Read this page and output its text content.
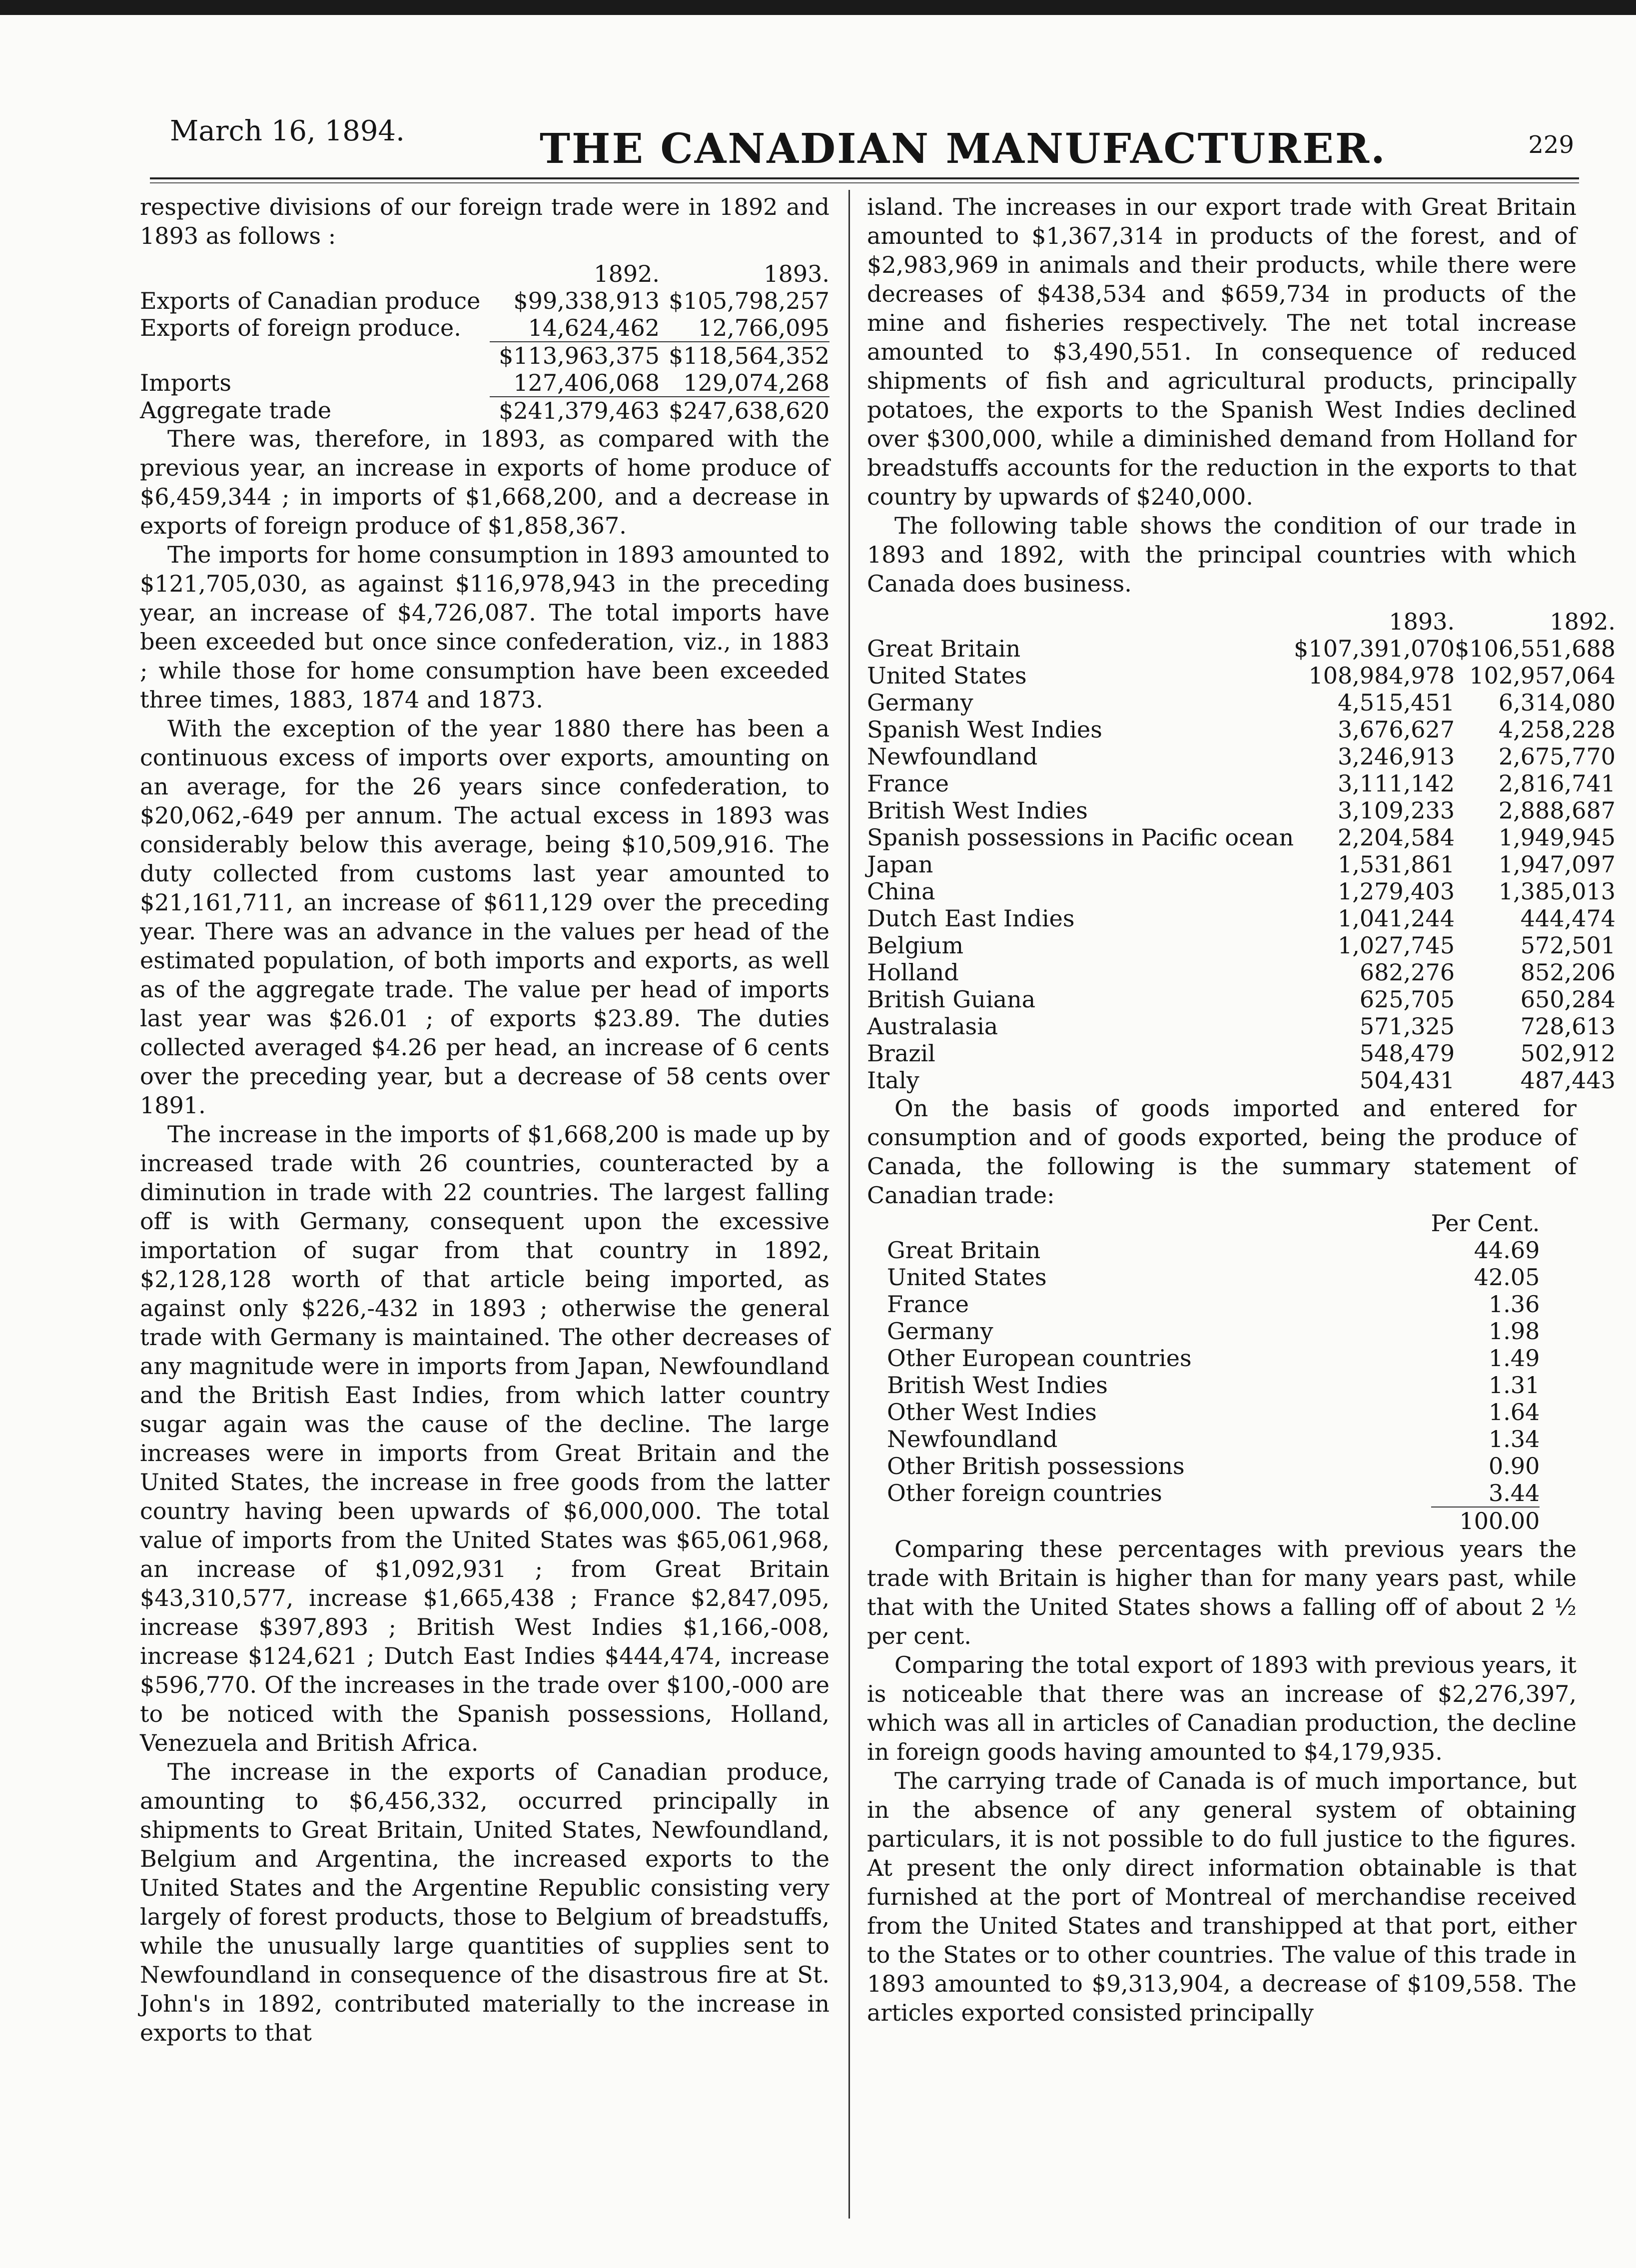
March 16, 1894.	THE CANADIAN MANUFACTURER.	229

respective divisions of our foreign trade were in 1892 and 1893 as follows :

	1892.	1893.
Exports of Canadian produce	$99,338,913	$105,798,257
Exports of foreign produce.	14,624,462	12,766,095
	$113,963,375	$118,564,352
Imports	127,406,068	129,074,268
Aggregate trade	$241,379,463	$247,638,620

There was, therefore, in 1893, as compared with the previous year, an increase in exports of home produce of $6,459,344 ; in imports of $1,668,200, and a decrease in exports of foreign produce of $1,858,367.

The imports for home consumption in 1893 amounted to $121,705,030, as against $116,978,943 in the preceding year, an increase of $4,726,087. The total imports have been exceeded but once since confederation, viz., in 1883 ; while those for home consumption have been exceeded three times, 1883, 1874 and 1873.

With the exception of the year 1880 there has been a continuous excess of imports over exports, amounting on an average, for the 26 years since confederation, to $20,062,-649 per annum. The actual excess in 1893 was considerably below this average, being $10,509,916. The duty collected from customs last year amounted to $21,161,711, an increase of $611,129 over the preceding year. There was an advance in the values per head of the estimated population, of both imports and exports, as well as of the aggregate trade. The value per head of imports last year was $26.01 ; of exports $23.89. The duties collected averaged $4.26 per head, an increase of 6 cents over the preceding year, but a decrease of 58 cents over 1891.

The increase in the imports of $1,668,200 is made up by increased trade with 26 countries, counteracted by a diminution in trade with 22 countries. The largest falling off is with Germany, consequent upon the excessive importation of sugar from that country in 1892, $2,128,128 worth of that article being imported, as against only $226,-432 in 1893 ; otherwise the general trade with Germany is maintained. The other decreases of any magnitude were in imports from Japan, Newfoundland and the British East Indies, from which latter country sugar again was the cause of the decline. The large increases were in imports from Great Britain and the United States, the increase in free goods from the latter country having been upwards of $6,000,000. The total value of imports from the United States was $65,061,968, an increase of $1,092,931 ; from Great Britain $43,310,577, increase $1,665,438 ; France $2,847,095, increase $397,893 ; British West Indies $1,166,-008, increase $124,621 ; Dutch East Indies $444,474, increase $596,770. Of the increases in the trade over $100,-000 are to be noticed with the Spanish possessions, Holland, Venezuela and British Africa.

The increase in the exports of Canadian produce, amounting to $6,456,332, occurred principally in shipments to Great Britain, United States, Newfoundland, Belgium and Argentina, the increased exports to the United States and the Argentine Republic consisting very largely of forest products, those to Belgium of breadstuffs, while the unusually large quantities of supplies sent to Newfoundland in consequence of the disastrous fire at St. John's in 1892, contributed materially to the increase in exports to that

island. The increases in our export trade with Great Britain amounted to $1,367,314 in products of the forest, and of $2,983,969 in animals and their products, while there were decreases of $438,534 and $659,734 in products of the mine and fisheries respectively. The net total increase amounted to $3,490,551. In consequence of reduced shipments of fish and agricultural products, principally potatoes, the exports to the Spanish West Indies declined over $300,000, while a diminished demand from Holland for breadstuffs accounts for the reduction in the exports to that country by upwards of $240,000.

The following table shows the condition of our trade in 1893 and 1892, with the principal countries with which Canada does business.

	1893.	1892.
Great Britain	$107,391,070	$106,551,688
United States	108,984,978	102,957,064
Germany	4,515,451	6,314,080
Spanish West Indies	3,676,627	4,258,228
Newfoundland	3,246,913	2,675,770
France	3,111,142	2,816,741
British West Indies	3,109,233	2,888,687
Spanish possessions in Pacific ocean	2,204,584	1,949,945
Japan	1,531,861	1,947,097
China	1,279,403	1,385,013
Dutch East Indies	1,041,244	444,474
Belgium	1,027,745	572,501
Holland	682,276	852,206
British Guiana	625,705	650,284
Australasia	571,325	728,613
Brazil	548,479	502,912
Italy	504,431	487,443

On the basis of goods imported and entered for consumption and of goods exported, being the produce of Canada, the following is the summary statement of Canadian trade:

	Per Cent.
Great Britain	44.69
United States	42.05
France	1.36
Germany	1.98
Other European countries	1.49
British West Indies	1.31
Other West Indies	1.64
Newfoundland	1.34
Other British possessions	0.90
Other foreign countries	3.44
	100.00

Comparing these percentages with previous years the trade with Britain is higher than for many years past, while that with the United States shows a falling off of about 2 ½ per cent.

Comparing the total export of 1893 with previous years, it is noticeable that there was an increase of $2,276,397, which was all in articles of Canadian production, the decline in foreign goods having amounted to $4,179,935.

The carrying trade of Canada is of much importance, but in the absence of any general system of obtaining particulars, it is not possible to do full justice to the figures. At present the only direct information obtainable is that furnished at the port of Montreal of merchandise received from the United States and transhipped at that port, either to the States or to other countries. The value of this trade in 1893 amounted to $9,313,904, a decrease of $109,558. The articles exported consisted principally
